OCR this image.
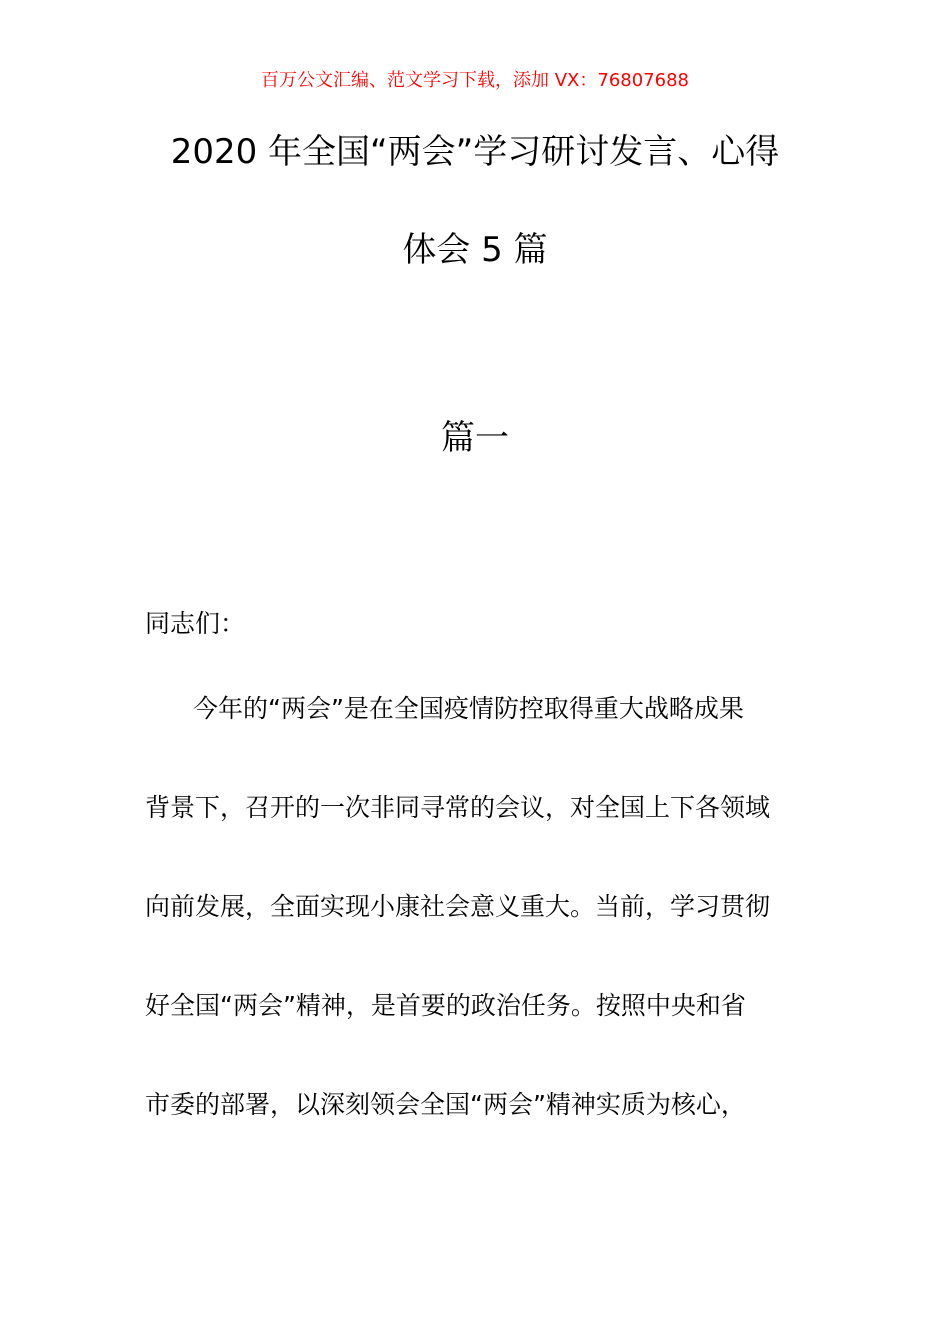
百万公文汇编、范文学习下载，添加 VX：76807688
2020 年全国“两会”学习研讨发言、心得
体会 5 篇
篇一
同志们：
今年的“两会”是在全国疫情防控取得重大战略成果
背景下，召开的一次非同寻常的会议，对全国上下各领域
向前发展，全面实现小康社会意义重大。当前，学习贯彻
好全国“两会”精神，是首要的政治任务。按照中央和省
市委的部署，以深刻领会全国“两会”精神实质为核心，
